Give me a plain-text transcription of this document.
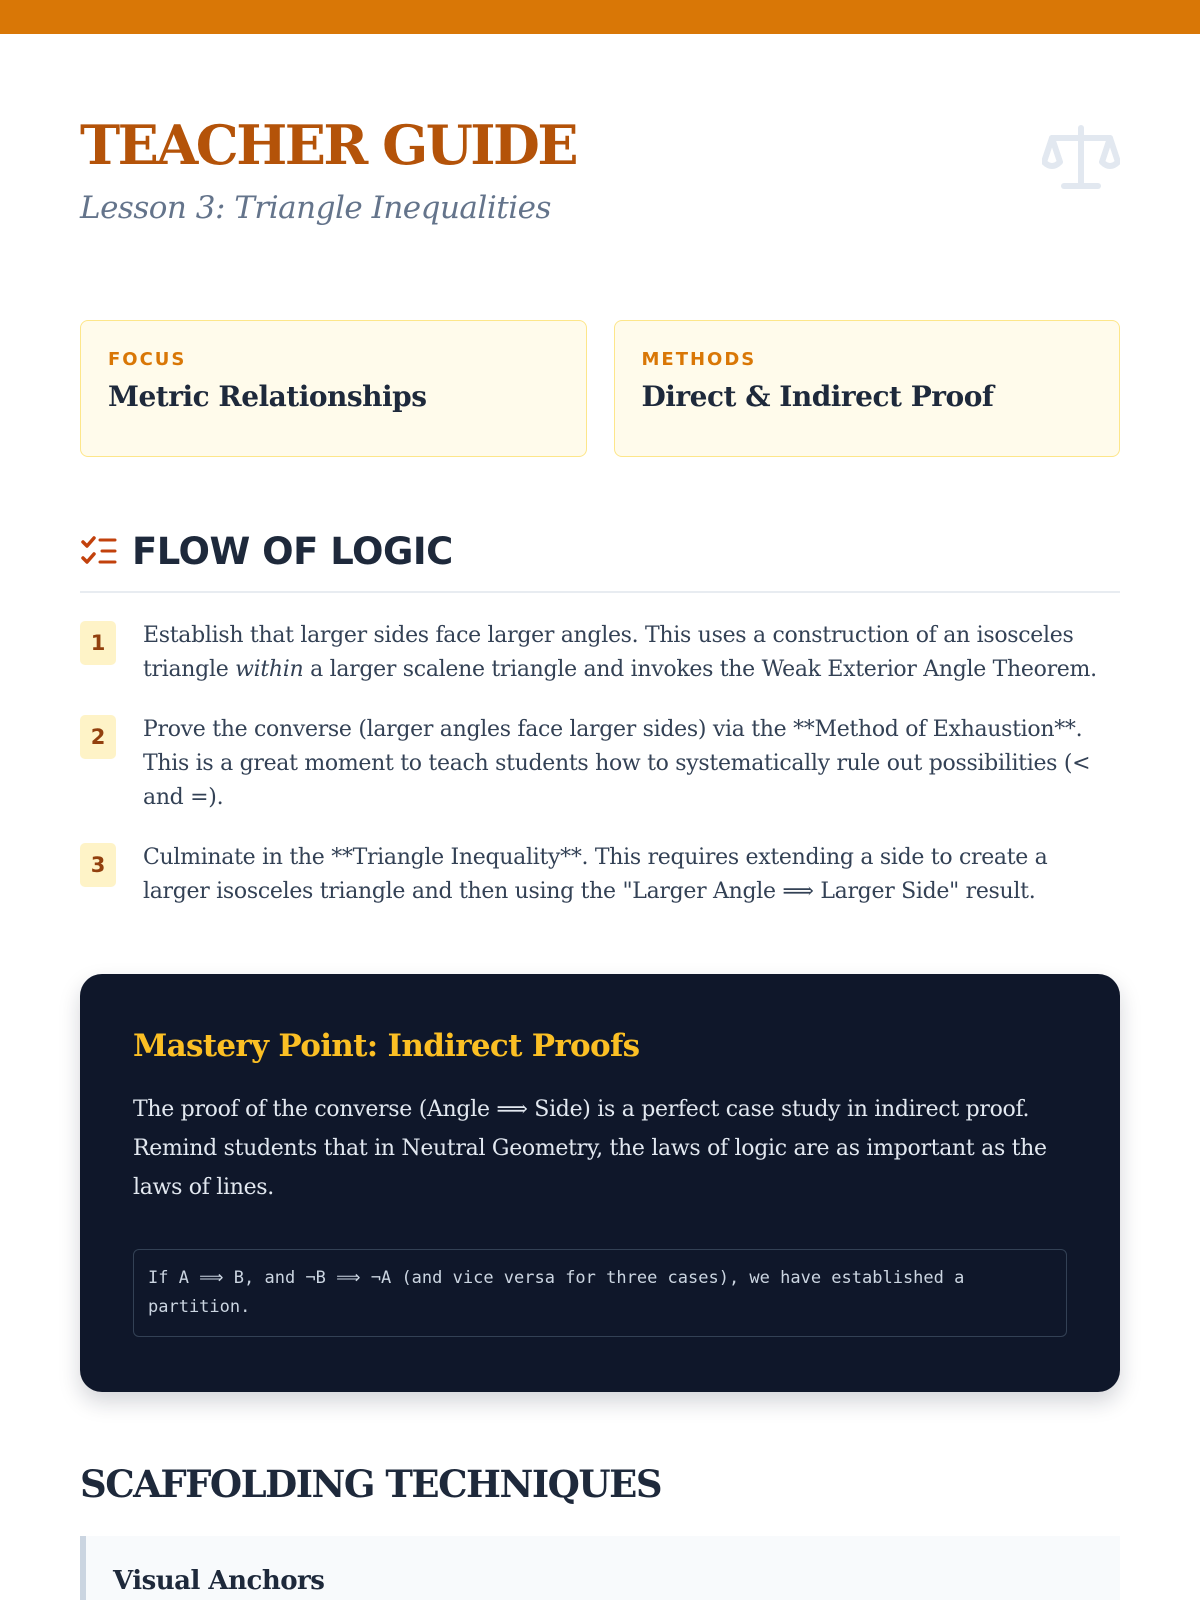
TEACHER GUIDE
Lesson 3: Triangle Inequalities
FOCUS
Metric Relationships
METHODS
Direct & Indirect Proof
FLOW OF LOGIC
1	Establish that larger sides face larger angles. This uses a construction of an isosceles triangle within a larger scalene triangle and invokes the Weak Exterior Angle Theorem.

2	Prove the converse (larger angles face larger sides) via the **Method of Exhaustion**. This is a great moment to teach students how to systematically rule out possibilities (< and =).

3	Culminate in the **Triangle Inequality**. This requires extending a side to create a larger isosceles triangle and then using the "Larger Angle ⟹ Larger Side" result.

Mastery Point: Indirect Proofs

The proof of the converse (Angle ⟹ Side) is a perfect case study in indirect proof. Remind students that in Neutral Geometry, the laws of logic are as important as the laws of lines.

If A ⟹ B, and ¬B ⟹ ¬A (and vice versa for three cases), we have established a partition.
SCAFFOLDING TECHNIQUES
Visual Anchors
